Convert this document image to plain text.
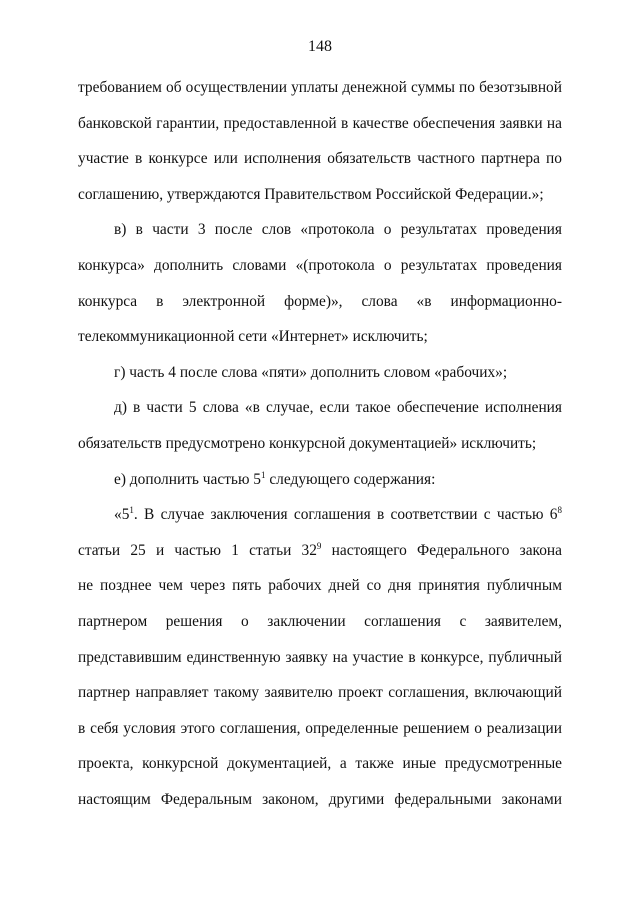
148
требованием об осуществлении уплаты денежной суммы по безотзывной
банковской гарантии, предоставленной в качестве обеспечения заявки на
участие в конкурсе или исполнения обязательств частного партнера по
соглашению, утверждаются Правительством Российской Федерации.»;
в) в части 3 после слов «протокола о результатах проведения
конкурса» дополнить словами «(протокола о результатах проведения
конкурса в электронной форме)», слова «в информационно-
телекоммуникационной сети «Интернет» исключить;
г) часть 4 после слова «пяти» дополнить словом «рабочих»;
д) в части 5 слова «в случае, если такое обеспечение исполнения
обязательств предусмотрено конкурсной документацией» исключить;
е) дополнить частью $5^1$ следующего содержания:
«$5^1$. В случае заключения соглашения в соответствии с частью $6^8$
статьи 25 и частью 1 статьи $32^9$ настоящего Федерального закона
не позднее чем через пять рабочих дней со дня принятия публичным
партнером решения о заключении соглашения с заявителем,
представившим единственную заявку на участие в конкурсе, публичный
партнер направляет такому заявителю проект соглашения, включающий
в себя условия этого соглашения, определенные решением о реализации
проекта, конкурсной документацией, а также иные предусмотренные
настоящим Федеральным законом, другими федеральными законами
